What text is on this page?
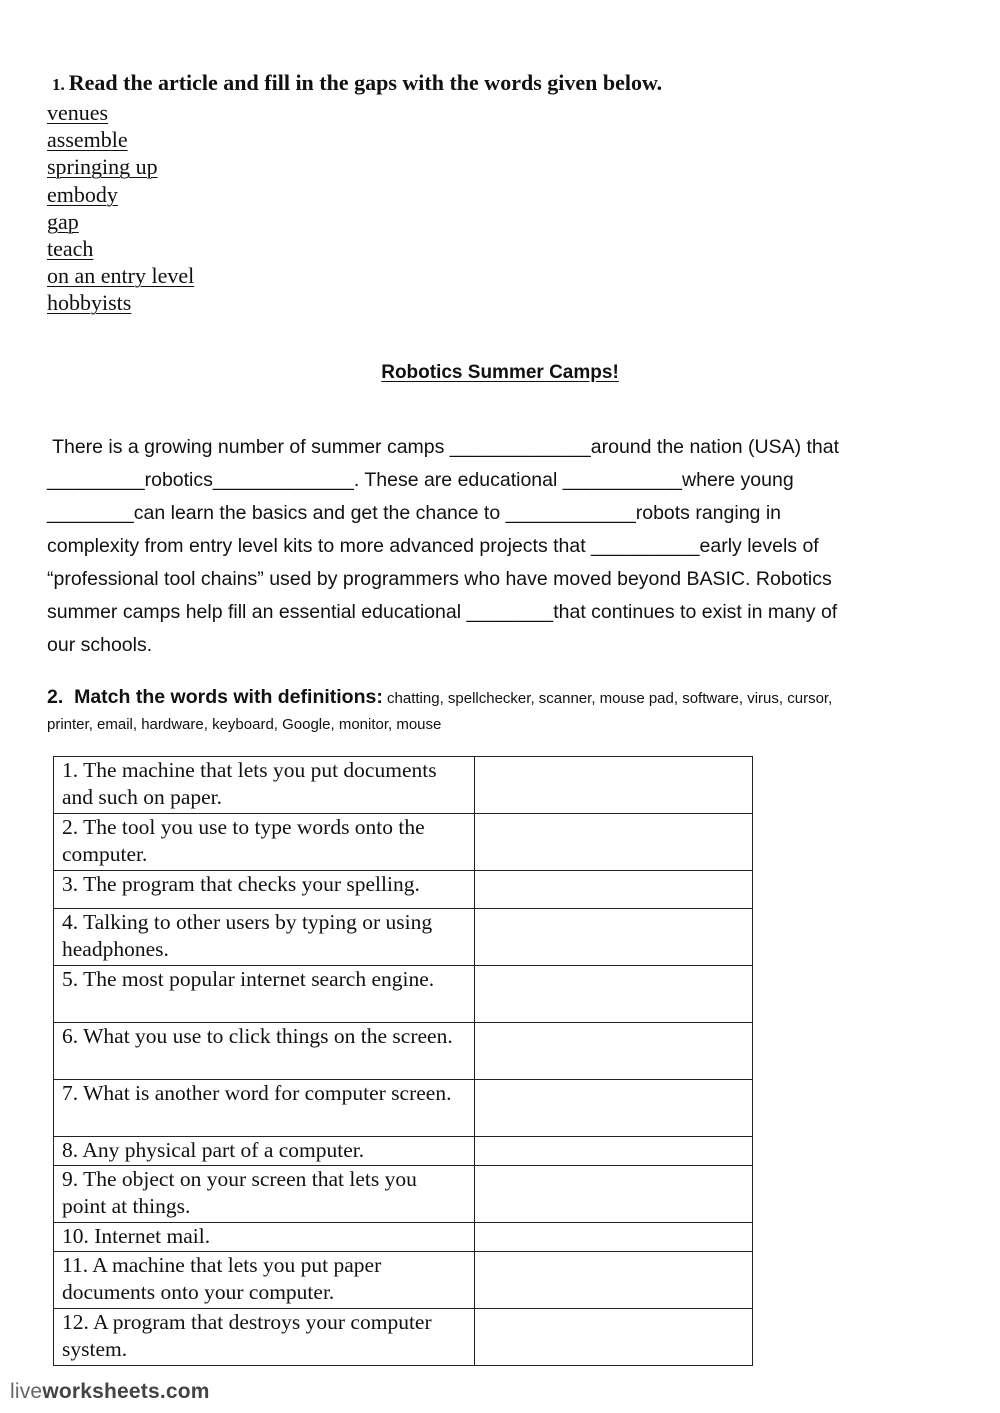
1. Read the article and fill in the gaps with the words given below.
venues
assemble
springing up
embody
gap
teach
on an entry level
hobbyists
Robotics Summer Camps!
There is a growing number of summer camps _____________around the nation (USA) that
_________robotics_____________. These are educational ___________where young
________can learn the basics and get the chance to ____________robots ranging in
complexity from entry level kits to more advanced projects that __________early levels of
“professional tool chains” used by programmers who have moved beyond BASIC. Robotics
summer camps help fill an essential educational ________that continues to exist in many of
our schools.
2.  Match the words with definitions: chatting, spellchecker, scanner, mouse pad, software, virus, cursor,
printer, email, hardware, keyboard, Google, monitor, mouse
1. The machine that lets you put documents and such on paper.	
2. The tool you use to type words onto the computer.	
3. The program that checks your spelling.	
4. Talking to other users by typing or using headphones.	
5. The most popular internet search engine.	
6. What you use to click things on the screen.	
7. What is another word for computer screen.	
8. Any physical part of a computer.	
9. The object on your screen that lets you point at things.	
10. Internet mail.	
11. A machine that lets you put paper documents onto your computer.	
12. A program that destroys your computer system.	
liveworksheets.com
